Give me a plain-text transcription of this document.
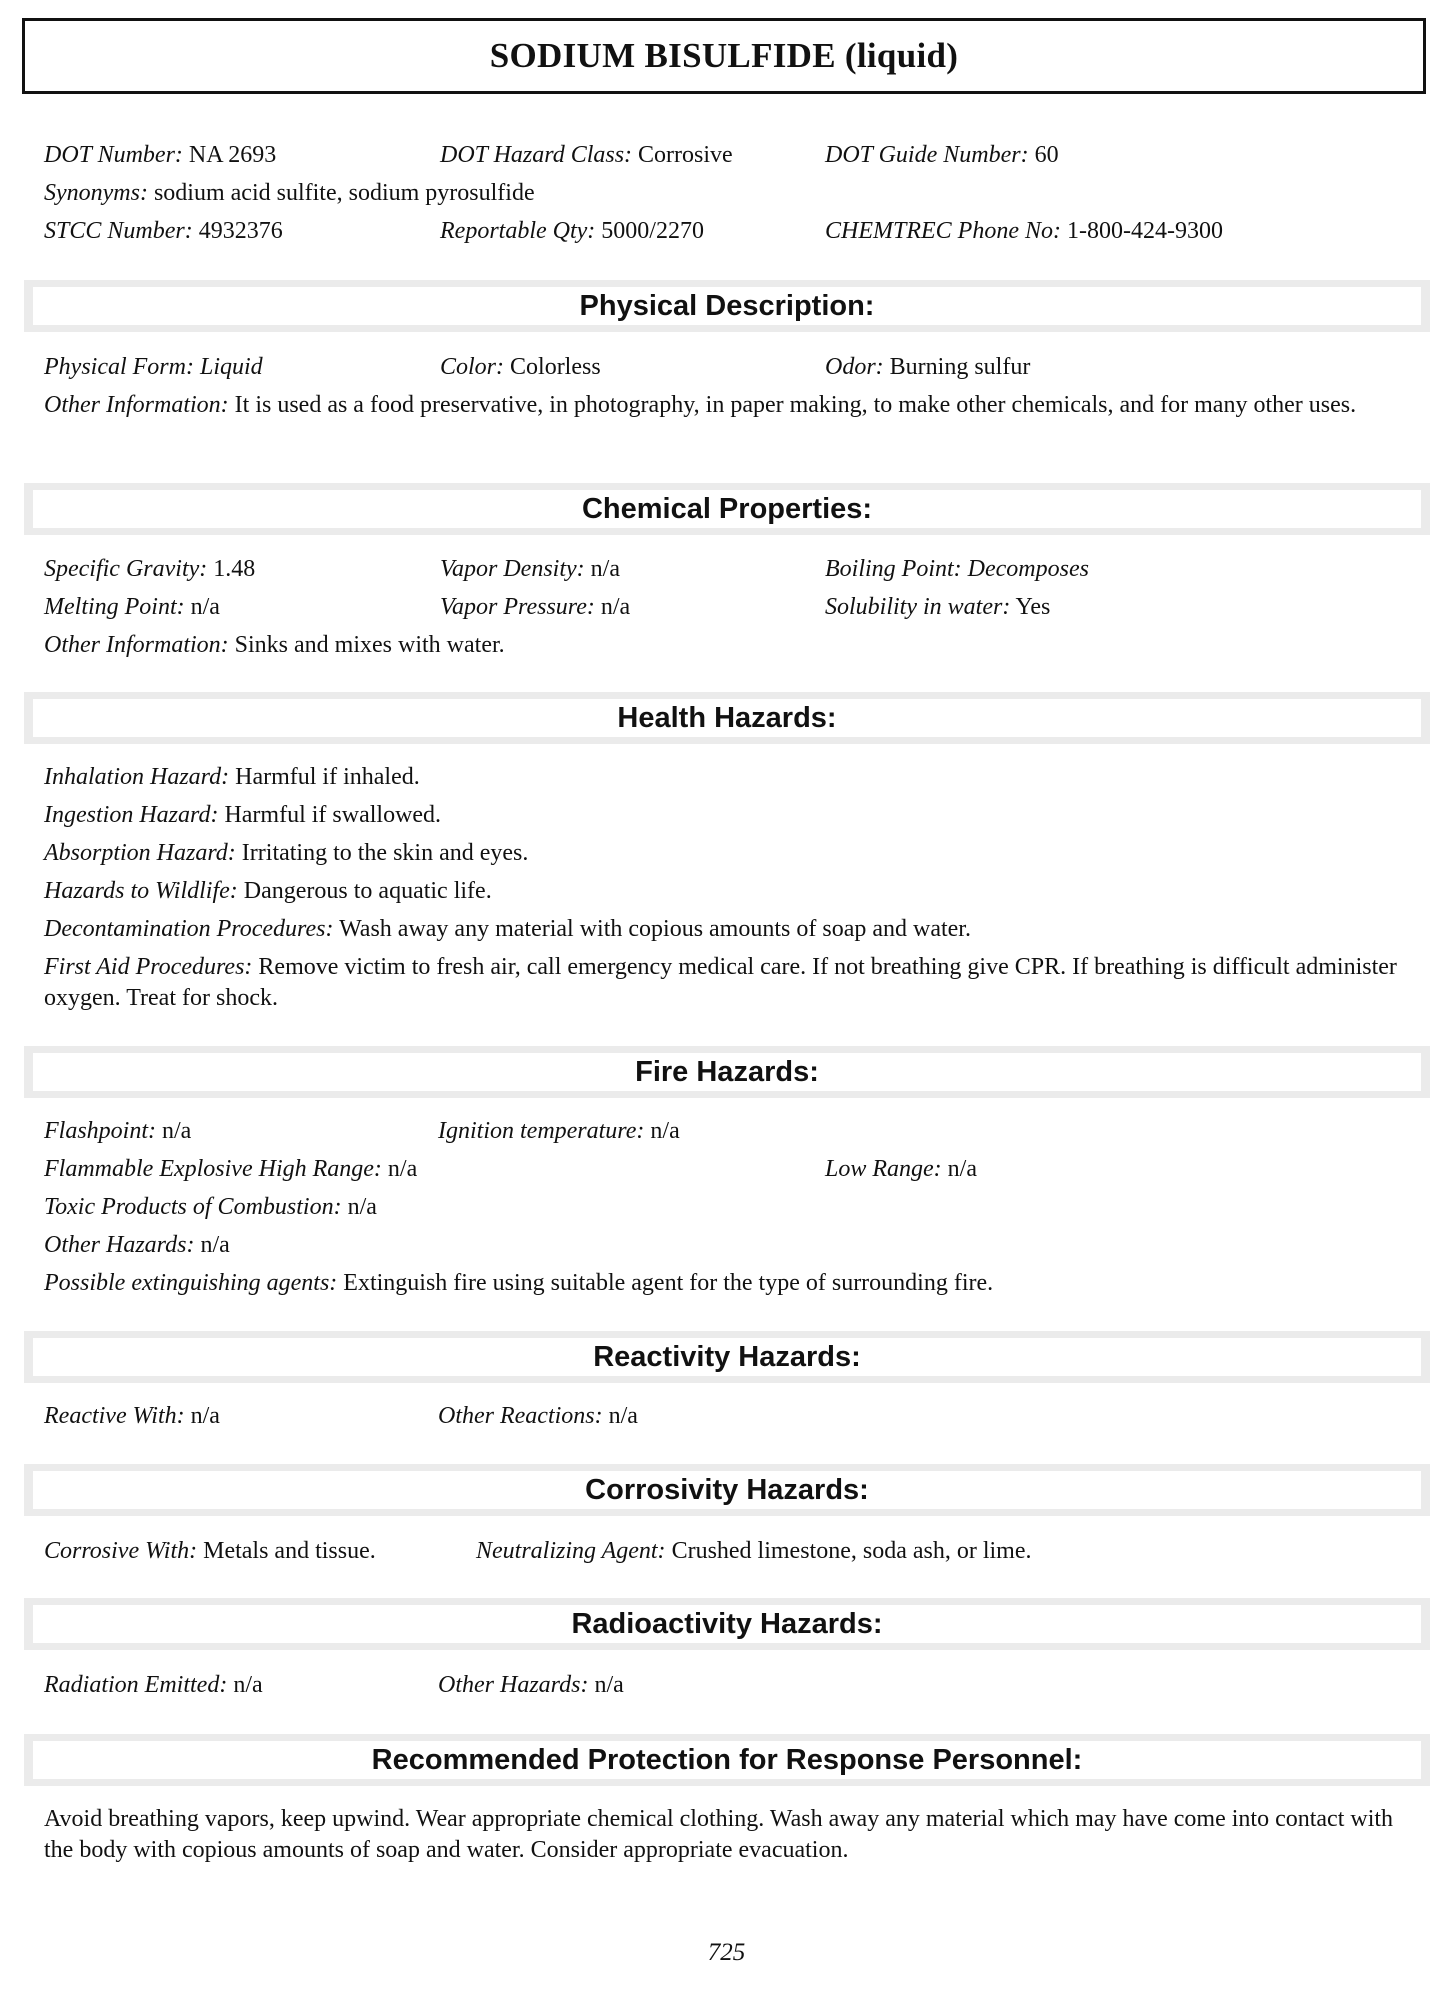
SODIUM BISULFIDE (liquid)
DOT Number: NA 2693	DOT Hazard Class: Corrosive	DOT Guide Number: 60
Synonyms: sodium acid sulfite, sodium pyrosulfide
STCC Number: 4932376	Reportable Qty: 5000/2270	CHEMTREC Phone No: 1-800-424-9300
Physical Description:
Physical Form: Liquid	Color: Colorless	Odor: Burning sulfur
Other Information: It is used as a food preservative, in photography, in paper making, to make other chemicals, and for many other uses.
Chemical Properties:
Specific Gravity: 1.48	Vapor Density: n/a	Boiling Point: Decomposes
Melting Point: n/a	Vapor Pressure: n/a	Solubility in water: Yes
Other Information: Sinks and mixes with water.
Health Hazards:
Inhalation Hazard: Harmful if inhaled.
Ingestion Hazard: Harmful if swallowed.
Absorption Hazard: Irritating to the skin and eyes.
Hazards to Wildlife: Dangerous to aquatic life.
Decontamination Procedures: Wash away any material with copious amounts of soap and water.
First Aid Procedures: Remove victim to fresh air, call emergency medical care. If not breathing give CPR. If breathing is difficult administer oxygen. Treat for shock.
Fire Hazards:
Flashpoint: n/a	Ignition temperature: n/a
Flammable Explosive High Range: n/a	Low Range: n/a
Toxic Products of Combustion: n/a
Other Hazards: n/a
Possible extinguishing agents: Extinguish fire using suitable agent for the type of surrounding fire.
Reactivity Hazards:
Reactive With: n/a	Other Reactions: n/a
Corrosivity Hazards:
Corrosive With: Metals and tissue.	Neutralizing Agent: Crushed limestone, soda ash, or lime.
Radioactivity Hazards:
Radiation Emitted: n/a	Other Hazards: n/a
Recommended Protection for Response Personnel:
Avoid breathing vapors, keep upwind. Wear appropriate chemical clothing. Wash away any material which may have come into contact with the body with copious amounts of soap and water. Consider appropriate evacuation.
725
